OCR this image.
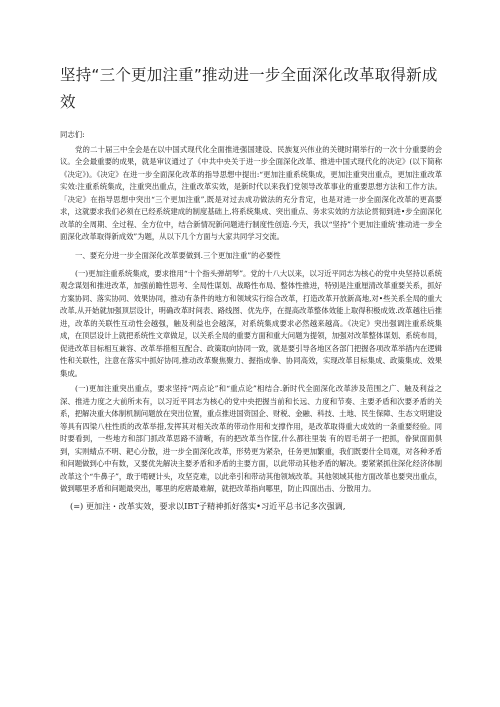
坚持“三个更加注重”推动进一步全面深化改革取得新成效

同志们:

党的二十届三中全会是在以中国式现代化全面推进强国建设、民族复兴伟业的关键时期举行的一次十分重要的会议。全会最重要的成果，就是审议通过了《中共中央关于进一步全面深化改革、推进中国式现代化的决定》(以下简称《决定》)。《决定》在进一步全面深化改革的指导思想中提出:“更加注重系统集成，更加注重突出重点，更加注重改革实效:注重系统集成，注重突出重点，注重改革实效，是新时代以来我们党领导改革事业的重要思想方法和工作方法。「决定》在指导思想中突出“三个更加注重”,既是对过去成功做法的充分肯定，也是对进一步全面深化改革的更高要求，这就要求我们必须在已经系统建成的制度基础上,将系统集成、突出重点、务求实效的方法论贯彻到进•步全面深化改革的全周期、全过程、全方位中，结合新情况新问题进行制度性创造.今天，我以“坚持”个更加注重统‘推动进一步全面深化改革取得新成效”为题，从以下几个方面与大家共同学习交流。

一、要充分进一步全面深化改革要做到.三个更加注重”的必要性

(一)更加注重系统集成，要求推用“十个指头弹胡琴”。党的十八大以来，以习近平同志为核心的党中央坚持以系统观念谋划和推进改革，加强前瞻性思考、全局性谋划、战略性布局、整体性推进，特别是注重厘清改革重要关系，抓好方案协同、落实协同、效果协同，推动有条件的地方和领域实行综合改革，打造改革开放新高地,对•些关系全局的重大改革,从开始就加强顶层设计，明确改革时间表、路线图、优先序，在提高改革整体效能上取得积极成效.改革越往后推进，改革的关联性互动性会越强，触及利益也会越深，对系统集成要求必然越来越高。《决定》突出强调注重系统集成，在顶层设计上就把系统性文章做足，以关系全局的重要方面和重大问题为提领，加强对改革整体谋划、系统布局，促进改革目标相互兼容、改革举措相互配合、政策取向协同一致，就是要引导各地区各部门把握各项改革举措内在逻辑性和关联性，注意在落实中抓好协同,推动改革聚焦聚力、握指成拳、协同高效，实现改革目标集成、政策集成、效果集成。

(一)更加注重突出重点，要求坚持“两点论”和“重点论”相结合.新时代全面深化改革涉及范围之广、触及利益之深、推进力度之大前所未有，以习近平同志为核心的党中央把握当前和长远、力度和节奏、主要矛盾和次要矛盾的关系，把解决重大体制机制问题放在突出位置，重点推进国资国企、财税、金融、科技、土地、民生保障、生态文明建设等具有四梁八柱性质的改革举措,发挥其对相关改革的带动作用和支撑作用，是改革取得重大成效的一条重要经验。同时要看到，一些地方和部门抓改革思路不清晰，有的把改革当作筐,什么都往里装 有的眉毛胡子一把抓，眷狱面面俱到，实则蜻点不明、耙心分散，进一步全面深化改革，形势更为紧杂，任务更加繁重，我们既要什全局观，对各种矛盾和问题做到心中有数，又要优先解决主要矛盾和矛盾的主要方面，以此带动其他矛盾的解决。要紧紧抓住深化经济体制改革这个“牛鼻子”，敢于啃硬计头，攻坚克难，以此牵引和带动其他领域改革。其他领域其他方面改革也要突出重点，做到哪里矛盾和问题最突出，哪里的疙瘩最难解，就把改革指向哪里，防止四面出击、分散用力。

(=) 更加注・改革实效，要求以IBT子精神抓好落实•习近平总书记多次强调,
